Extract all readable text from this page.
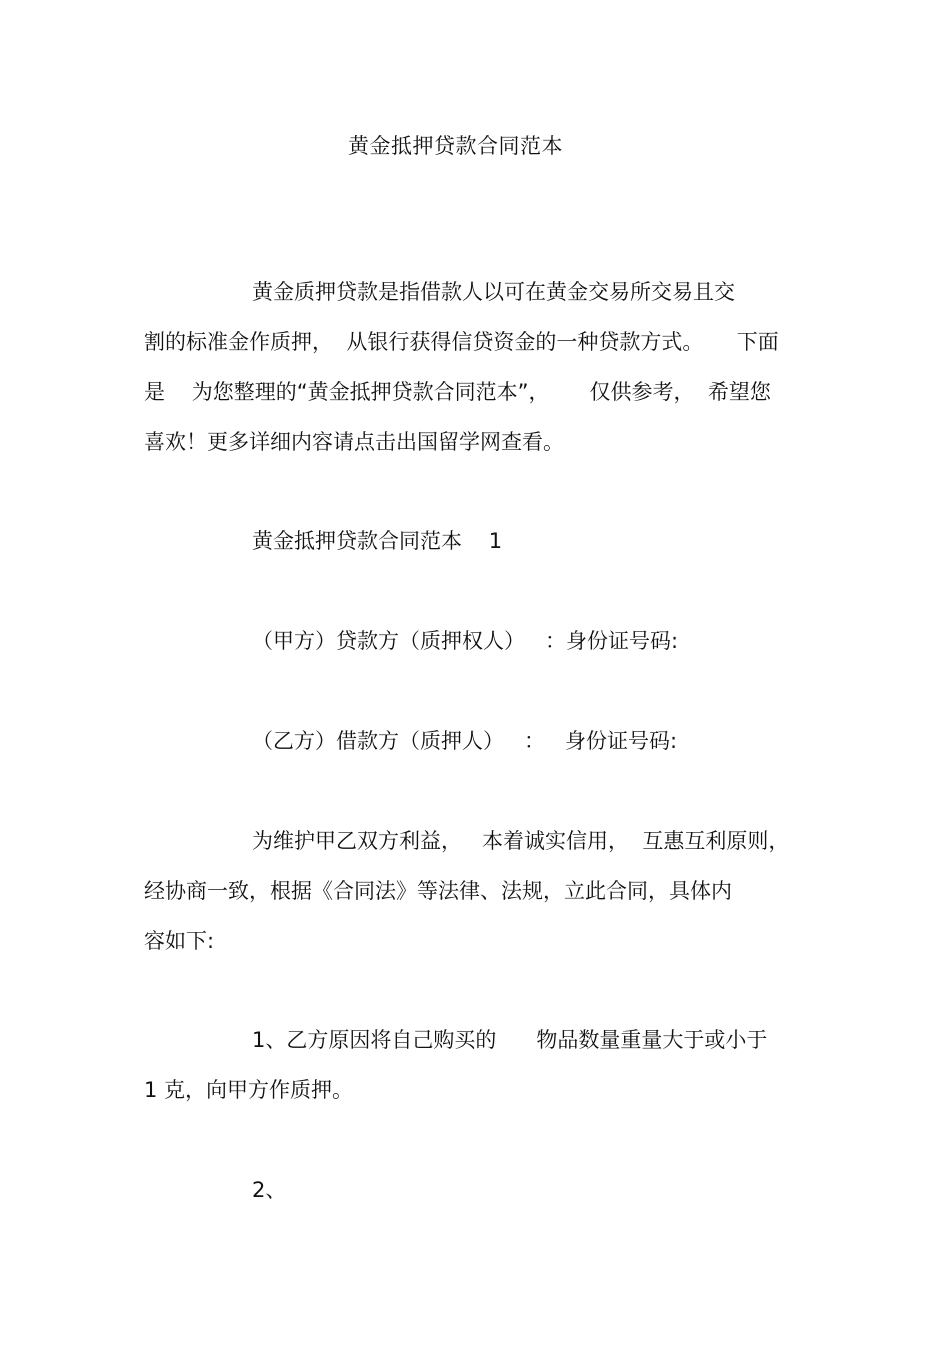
黄金抵押贷款合同范本
黄金质押贷款是指借款人以可在黄金交易所交易且交
割的标准金作质押，  从银行获得信贷资金的一种贷款方式。     下面
是    为您整理的“黄金抵押贷款合同范本”，      仅供参考，  希望您
喜欢！更多详细内容请点击出国留学网查看。
黄金抵押贷款合同范本    1
（甲方）贷款方（质押权人）   ：身份证号码:
（乙方）借款方（质押人）   ：   身份证号码:
为维护甲乙双方利益，   本着诚实信用，  互惠互利原则，
经协商一致，根据《合同法》等法律、法规，立此合同，具体内
容如下:
1、乙方原因将自己购买的      物品数量重量大于或小于
1 克，向甲方作质押。
2、
